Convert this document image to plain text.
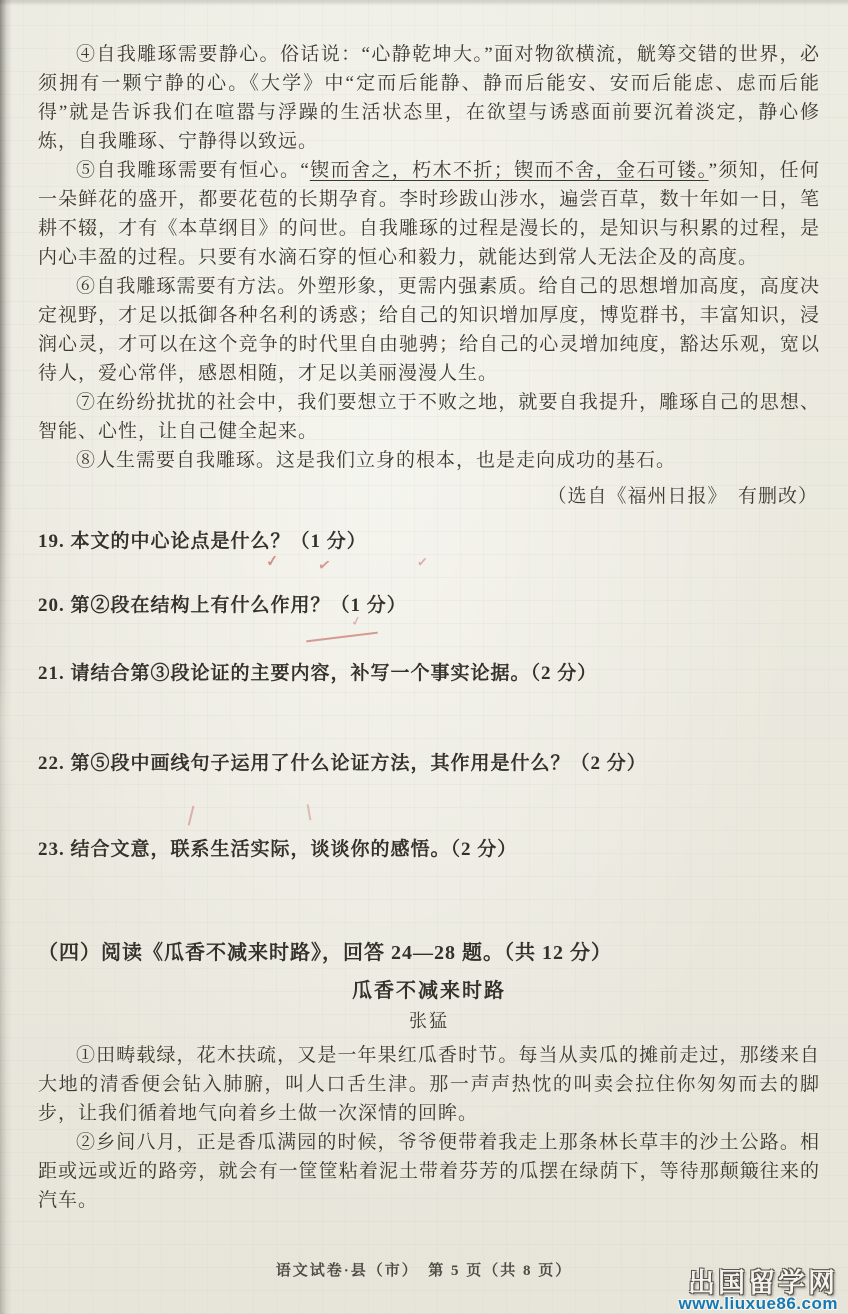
④自我雕琢需要静心。俗话说：“心静乾坤大。”面对物欲横流，觥筹交错的世界，必须拥有一颗宁静的心。《大学》中“定而后能静、静而后能安、安而后能虑、虑而后能得”就是告诉我们在喧嚣与浮躁的生活状态里，在欲望与诱惑面前要沉着淡定，静心修炼，自我雕琢、宁静得以致远。

⑤自我雕琢需要有恒心。“锲而舍之，朽木不折；锲而不舍，金石可镂。”须知，任何一朵鲜花的盛开，都要花苞的长期孕育。李时珍跋山涉水，遍尝百草，数十年如一日，笔耕不辍，才有《本草纲目》的问世。自我雕琢的过程是漫长的，是知识与积累的过程，是内心丰盈的过程。只要有水滴石穿的恒心和毅力，就能达到常人无法企及的高度。

⑥自我雕琢需要有方法。外塑形象，更需内强素质。给自己的思想增加高度，高度决定视野，才足以抵御各种名利的诱惑；给自己的知识增加厚度，博览群书，丰富知识，浸润心灵，才可以在这个竞争的时代里自由驰骋；给自己的心灵增加纯度，豁达乐观，宽以待人，爱心常伴，感恩相随，才足以美丽漫漫人生。

⑦在纷纷扰扰的社会中，我们要想立于不败之地，就要自我提升，雕琢自己的思想、智能、心性，让自己健全起来。

⑧人生需要自我雕琢。这是我们立身的根本，也是走向成功的基石。

（选自《福州日报》　有删改）

19. 本文的中心论点是什么？（1 分）

20. 第②段在结构上有什么作用？（1 分）

21. 请结合第③段论证的主要内容，补写一个事实论据。（2 分）

22. 第⑤段中画线句子运用了什么论证方法，其作用是什么？（2 分）

23. 结合文意，联系生活实际，谈谈你的感悟。（2 分）

（四）阅读《瓜香不减来时路》，回答 24—28 题。（共 12 分）

瓜香不减来时路

张猛

①田畴载绿，花木扶疏，又是一年果红瓜香时节。每当从卖瓜的摊前走过，那缕来自大地的清香便会钻入肺腑，叫人口舌生津。那一声声热忱的叫卖会拉住你匆匆而去的脚步，让我们循着地气向着乡土做一次深情的回眸。

②乡间八月，正是香瓜满园的时候，爷爷便带着我走上那条林长草丰的沙土公路。相距或远或近的路旁，就会有一筐筐粘着泥土带着芬芳的瓜摆在绿荫下，等待那颠簸往来的汽车。

✓
✓
✓
✓
语文试卷·县（市）　第 5 页（共 8 页）	出国留学网
www.liuxue86.com
